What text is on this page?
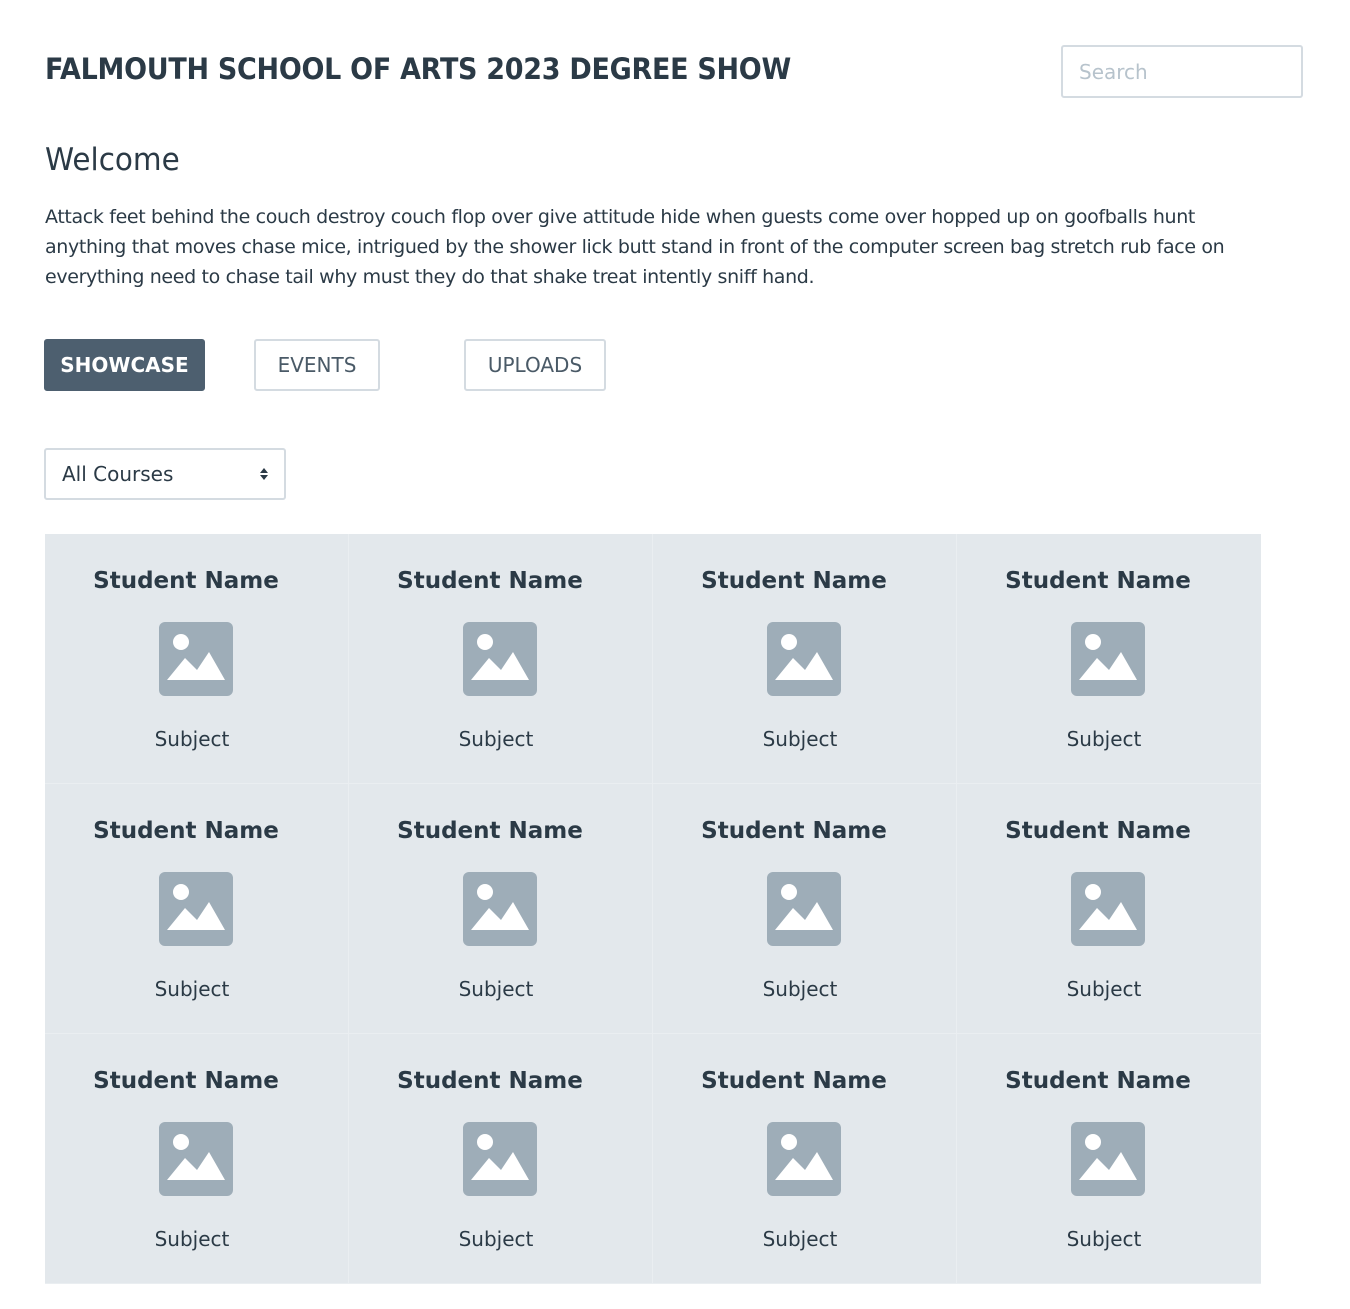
FALMOUTH SCHOOL OF ARTS 2023 DEGREE SHOW
Search
Welcome

Attack feet behind the couch destroy couch flop over give attitude hide when guests come over hopped up on goofballs hunt
anything that moves chase mice, intrigued by the shower lick butt stand in front of the computer screen bag stretch rub face on
everything need to chase tail why must they do that shake treat intently sniff hand.

SHOWCASE	EVENTS	UPLOADS
All Courses
Student Name
Subject
Student Name
Subject
Student Name
Subject
Student Name
Subject
Student Name
Subject
Student Name
Subject
Student Name
Subject
Student Name
Subject
Student Name
Subject
Student Name
Subject
Student Name
Subject
Student Name
Subject
